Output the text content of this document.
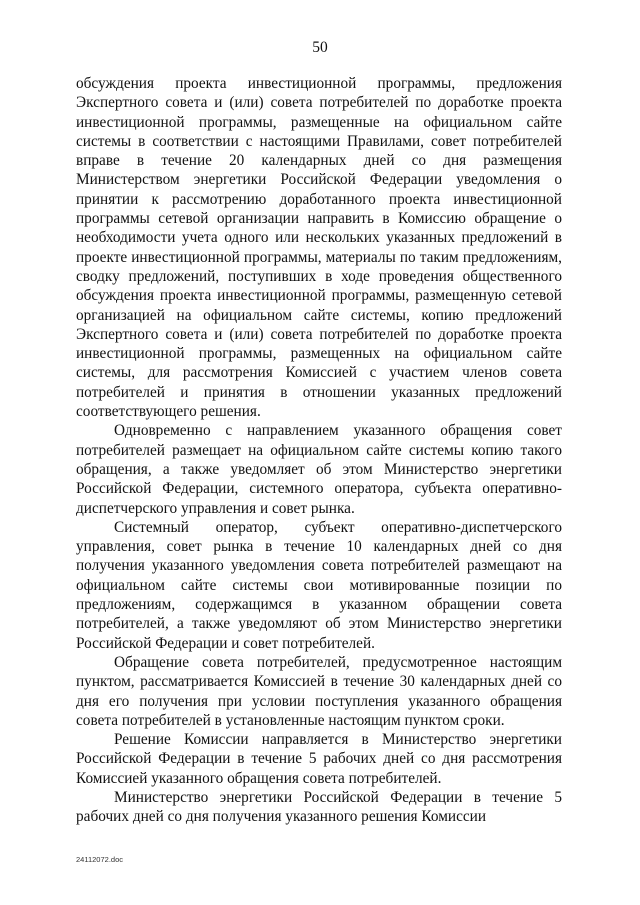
50

обсуждения проекта инвестиционной программы, предложения Экспертного совета и (или) совета потребителей по доработке проекта инвестиционной программы, размещенные на официальном сайте системы в соответствии с настоящими Правилами, совет потребителей вправе в течение 20 календарных дней со дня размещения Министерством энергетики Российской Федерации уведомления о принятии к рассмотрению доработанного проекта инвестиционной программы сетевой организации направить в Комиссию обращение о необходимости учета одного или нескольких указанных предложений в проекте инвестиционной программы, материалы по таким предложениям, сводку предложений, поступивших в ходе проведения общественного обсуждения проекта инвестиционной программы, размещенную сетевой организацией на официальном сайте системы, копию предложений Экспертного совета и (или) совета потребителей по доработке проекта инвестиционной программы, размещенных на официальном сайте системы, для рассмотрения Комиссией с участием членов совета потребителей и принятия в отношении указанных предложений соответствующего решения.

Одновременно с направлением указанного обращения совет потребителей размещает на официальном сайте системы копию такого обращения, а также уведомляет об этом Министерство энергетики Российской Федерации, системного оператора, субъекта оперативно-диспетчерского управления и совет рынка.

Системный оператор, субъект оперативно-диспетчерского управления, совет рынка в течение 10 календарных дней со дня получения указанного уведомления совета потребителей размещают на официальном сайте системы свои мотивированные позиции по предложениям, содержащимся в указанном обращении совета потребителей, а также уведомляют об этом Министерство энергетики Российской Федерации и совет потребителей.

Обращение совета потребителей, предусмотренное настоящим пунктом, рассматривается Комиссией в течение 30 календарных дней со дня его получения при условии поступления указанного обращения совета потребителей в установленные настоящим пунктом сроки.

Решение Комиссии направляется в Министерство энергетики Российской Федерации в течение 5 рабочих дней со дня рассмотрения Комиссией указанного обращения совета потребителей.

Министерство энергетики Российской Федерации в течение 5 рабочих дней со дня получения указанного решения Комиссии

24112072.doc
